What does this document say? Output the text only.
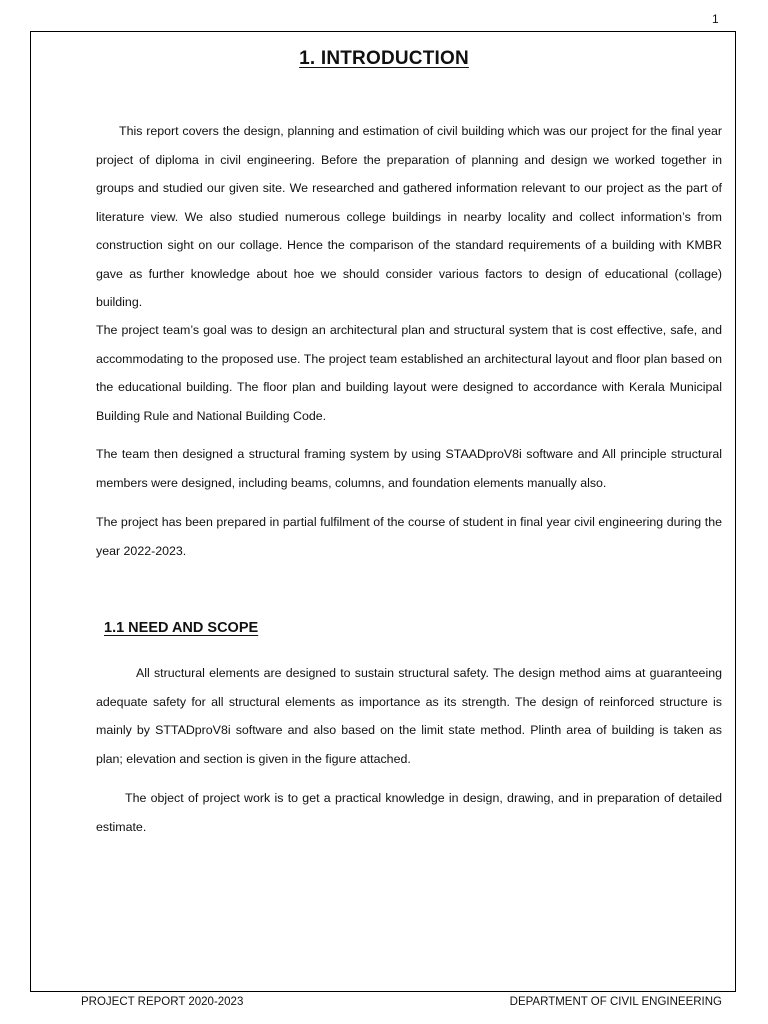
1
1. INTRODUCTION

This report covers the design, planning and estimation of civil building which was our project for the final year project of diploma in civil engineering. Before the preparation of planning and design we worked together in groups and studied our given site. We researched and gathered information relevant to our project as the part of literature view. We also studied numerous college buildings in nearby locality and collect information’s from construction sight on our collage. Hence the comparison of the standard requirements of a building with KMBR gave as further knowledge about hoe we should consider various factors to design of educational (collage) building.

The project team’s goal was to design an architectural plan and structural system that is cost effective, safe, and accommodating to the proposed use. The project team established an architectural layout and floor plan based on the educational building. The floor plan and building layout were designed to accordance with Kerala Municipal Building Rule and National Building Code.

The team then designed a structural framing system by using STAADproV8i software and All principle structural members were designed, including beams, columns, and foundation elements manually also.

The project has been prepared in partial fulfilment of the course of student in final year civil engineering during the year 2022-2023.

1.1 NEED AND SCOPE

All structural elements are designed to sustain structural safety. The design method aims at guaranteeing adequate safety for all structural elements as importance as its strength. The design of reinforced structure is mainly by STTADproV8i software and also based on the limit state method. Plinth area of building is taken as plan; elevation and section is given in the figure attached.

The object of project work is to get a practical knowledge in design, drawing, and in preparation of detailed estimate.

PROJECT REPORT 2020-2023	DEPARTMENT OF CIVIL ENGINEERING
